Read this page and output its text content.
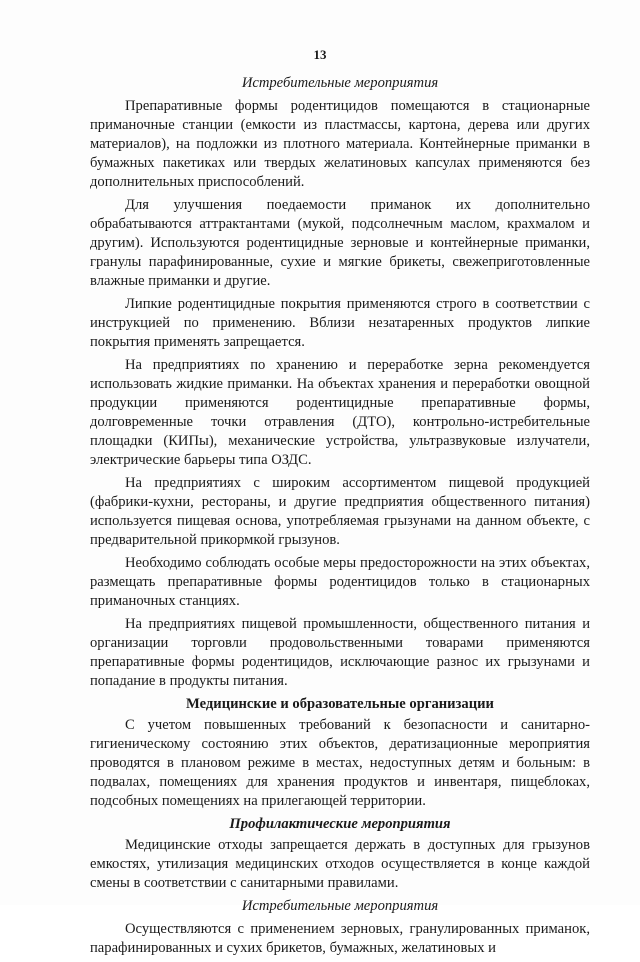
13
Истребительные мероприятия

Препаративные формы родентицидов помещаются в стационарные приманочные станции (емкости из пластмассы, картона, дерева или других материалов), на подложки из плотного материала. Контейнерные приманки в бумажных пакетиках или твердых желатиновых капсулах применяются без дополнительных приспособлений.

Для улучшения поедаемости приманок их дополнительно обрабатываются аттрактантами (мукой, подсолнечным маслом, крахмалом и другим). Используются родентицидные зерновые и контейнерные приманки, гранулы парафинированные, сухие и мягкие брикеты, свежеприготовленные влажные приманки и другие.

Липкие родентицидные покрытия применяются строго в соответствии с инструкцией по применению. Вблизи незатаренных продуктов липкие покрытия применять запрещается.

На предприятиях по хранению и переработке зерна рекомендуется использовать жидкие приманки. На объектах хранения и переработки овощной продукции применяются родентицидные препаративные формы, долговременные точки отравления (ДТО), контрольно-истребительные площадки (КИПы), механические устройства, ультразвуковые излучатели, электрические барьеры типа ОЗДС.

На предприятиях с широким ассортиментом пищевой продукцией (фабрики-кухни, рестораны, и другие предприятия общественного питания) используется пищевая основа, употребляемая грызунами на данном объекте, с предварительной прикормкой грызунов.

Необходимо соблюдать особые меры предосторожности на этих объектах, размещать препаративные формы родентицидов только в стационарных приманочных станциях.

На предприятиях пищевой промышленности, общественного питания и организации торговли продовольственными товарами применяются препаративные формы родентицидов, исключающие разнос их грызунами и попадание в продукты питания.

Медицинские и образовательные организации

С учетом повышенных требований к безопасности и санитарно-гигиеническому состоянию этих объектов, дератизационные мероприятия проводятся в плановом режиме в местах, недоступных детям и больным: в подвалах, помещениях для хранения продуктов и инвентаря, пищеблоках, подсобных помещениях на прилегающей территории.

Профилактические мероприятия

Медицинские отходы запрещается держать в доступных для грызунов емкостях, утилизация медицинских отходов осуществляется в конце каждой смены в соответствии с санитарными правилами.

Истребительные мероприятия

Осуществляются с применением зерновых, гранулированных приманок, парафинированных и сухих брикетов, бумажных, желатиновых и
